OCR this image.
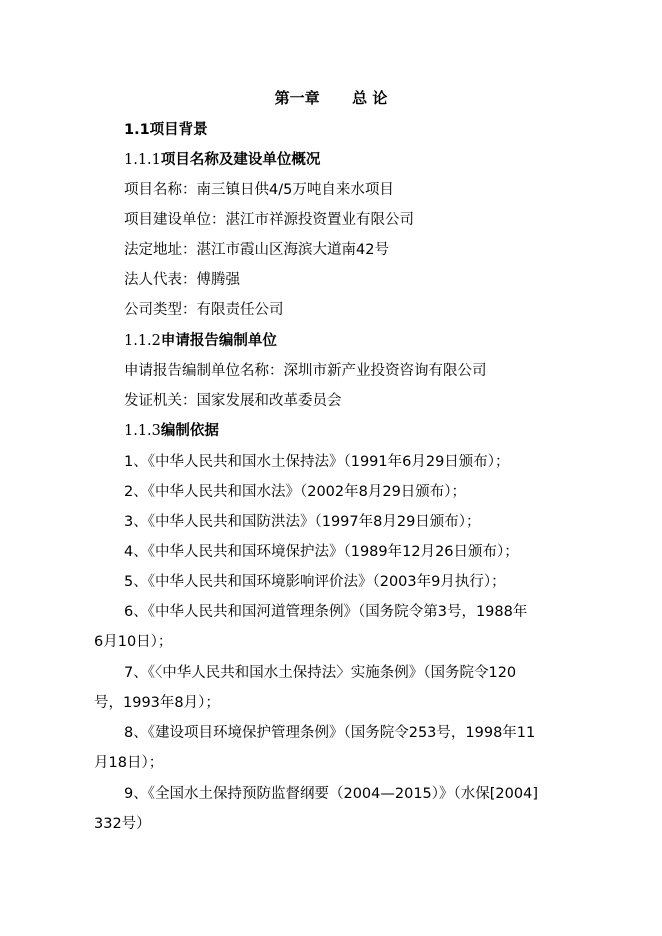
第一章 总 论
1.1项目背景
1.1.1项目名称及建设单位概况
项目名称：南三镇日供4/5万吨自来水项目
项目建设单位：湛江市祥源投资置业有限公司
法定地址：湛江市霞山区海滨大道南42号
法人代表：傅腾强
公司类型：有限责任公司
1.1.2申请报告编制单位
申请报告编制单位名称：深圳市新产业投资咨询有限公司
发证机关：国家发展和改革委员会
1.1.3编制依据
1、《中华人民共和国水土保持法》（1991年6月29日颁布）；
2、《中华人民共和国水法》（2002年8月29日颁布）；
3、《中华人民共和国防洪法》（1997年8月29日颁布）；
4、《中华人民共和国环境保护法》（1989年12月26日颁布）；
5、《中华人民共和国环境影响评价法》（2003年9月执行）；
6、《中华人民共和国河道管理条例》（国务院令第3号，1988年
6月10日）；
7、《〈中华人民共和国水土保持法〉实施条例》（国务院令120
号，1993年8月）；
8、《建设项目环境保护管理条例》（国务院令253号，1998年11
月18日）；
9、《全国水土保持预防监督纲要（2004—2015）》（水保[2004]
332号）
